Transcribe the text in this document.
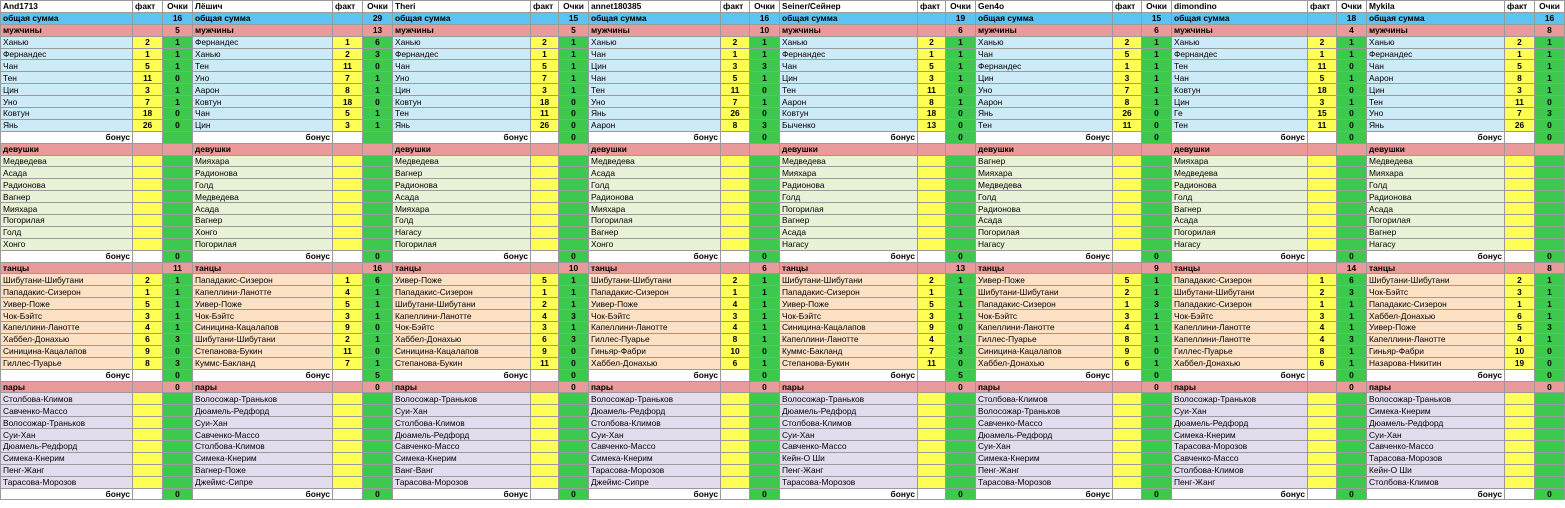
And1713	факт	Очки	Лёшич	факт	Очки	Theri	факт	Очки	annet180385	факт	Очки	Seiner/Сейнер	факт	Очки	Gen4o	факт	Очки	dimondino	факт	Очки	Mykila	факт	Очки
общая сумма		16	общая сумма		29	общая сумма		15	общая сумма		16	общая сумма		19	общая сумма		15	общая сумма		18	общая сумма		16
мужчины		5	мужчины		13	мужчины		5	мужчины		10	мужчины		6	мужчины		6	мужчины		4	мужчины		8
Ханью	2	1	Фернандес	1	6	Ханью	2	1	Ханью	2	1	Ханью	2	1	Ханью	2	1	Ханью	2	1	Ханью	2	1
Фернандес	1	1	Ханью	2	3	Фернандес	1	1	Чан	1	1	Фернандес	1	1	Чан	5	1	Фернандес	1	1	Фернандес	1	1
Чан	5	1	Тен	11	0	Чан	5	1	Цин	3	3	Чан	5	1	Фернандес	1	1	Тен	11	0	Чан	5	1
Тен	11	0	Уно	7	1	Уно	7	1	Чан	5	1	Цин	3	1	Цин	3	1	Чан	5	1	Аарон	8	1
Цин	3	1	Аарон	8	1	Цин	3	1	Тен	11	0	Тен	11	0	Уно	7	1	Ковтун	18	0	Цин	3	1
Уно	7	1	Ковтун	18	0	Ковтун	18	0	Уно	7	1	Аарон	8	1	Аарон	8	1	Цин	3	1	Тен	11	0
Ковтун	18	0	Чан	5	1	Тен	11	0	Янь	26	0	Ковтун	18	0	Янь	26	0	Ге	15	0	Уно	7	3
Янь	26	0	Цин	3	1	Янь	26	0	Аарон	8	3	Быченко	13	0	Тен	11	0	Тен	11	0	Янь	26	0
бонус			бонус			бонус		0	бонус		0	бонус		0	бонус		0	бонус		0	бонус		0
девушки			девушки			девушки			девушки			девушки			девушки			девушки			девушки		
Медведева			Мияхара			Медведева			Медведева			Медведева			Вагнер			Мияхара			Медведева		
Асада			Радионова			Вагнер			Асада			Мияхара			Мияхара			Медведева			Мияхара		
Радионова			Голд			Радионова			Голд			Радионова			Медведева			Радионова			Голд		
Вагнер			Медведева			Асада			Радионова			Голд			Голд			Голд			Радионова		
Мияхара			Асада			Мияхара			Мияхара			Погорилая			Радионова			Вагнер			Асада		
Погорилая			Вагнер			Голд			Погорилая			Вагнер			Асада			Асада			Погорилая		
Голд			Хонго			Нагасу			Вагнер			Асада			Погорилая			Погорилая			Вагнер		
Хонго			Погорилая			Погорилая			Хонго			Нагасу			Нагасу			Нагасу			Нагасу		
бонус		0	бонус		0	бонус		0	бонус		0	бонус		0	бонус		0	бонус		0	бонус		0
танцы		11	танцы		16	танцы		10	танцы		6	танцы		13	танцы		9	танцы		14	танцы		8
Шибутани-Шибутани	2	1	Пападакис-Сизерон	1	6	Уивер-Поже	5	1	Шибутани-Шибутани	2	1	Шибутани-Шибутани	2	1	Уивер-Поже	5	1	Пападакис-Сизерон	1	6	Шибутани-Шибутани	2	1
Пападакис-Сизерон	1	1	Капеллини-Ланотте	4	1	Пападакис-Сизерон	1	1	Пападакис-Сизерон	1	1	Пападакис-Сизерон	1	1	Шибутани-Шибутани	2	1	Шибутани-Шибутани	2	3	Чок-Бэйтс	3	1
Уивер-Поже	5	1	Уивер-Поже	5	1	Шибутани-Шибутани	2	1	Уивер-Поже	4	1	Уивер-Поже	5	1	Пападакис-Сизерон	1	3	Пападакис-Сизерон	1	1	Пападакис-Сизерон	1	1
Чок-Бэйтс	3	1	Чок-Бэйтс	3	1	Капеллини-Ланотте	4	3	Чок-Бэйтс	3	1	Чок-Бэйтс	3	1	Чок-Бэйтс	3	1	Чок-Бэйтс	3	1	Хаббел-Донахью	6	1
Капеллини-Ланотте	4	1	Синицина-Кацалапов	9	0	Чок-Бэйтс	3	1	Капеллини-Ланотте	4	1	Синицина-Кацалапов	9	0	Капеллини-Ланотте	4	1	Капеллини-Ланотте	4	1	Уивер-Поже	5	3
Хаббел-Донахью	6	3	Шибутани-Шибутани	2	1	Хаббел-Донахью	6	3	Гиллес-Пуарье	8	1	Капеллини-Ланотте	4	1	Гиллес-Пуарье	8	1	Капеллини-Ланотте	4	3	Капеллини-Ланотте	4	1
Синицина-Кацалапов	9	0	Степанова-Букин	11	0	Синицина-Кацалапов	9	0	Гиньяр-Фабри	10	0	Куммс-Бакланд	7	3	Синицина-Кацалапов	9	0	Гиллес-Пуарье	8	1	Гиньяр-Фабри	10	0
Гиллес-Пуарье	8	3	Куммс-Бакланд	7	1	Степанова-Букин	11	0	Хаббел-Донахью	6	1	Степанова-Букин	11	0	Хаббел-Донахью	6	1	Хаббел-Донахью	6	1	Назарова-Никитин	19	0
бонус		0	бонус		5	бонус		0	бонус		0	бонус		5	бонус		0	бонус		0	бонус		0
пары		0	пары		0	пары		0	пары		0	пары		0	пары		0	пары		0	пары		0
Столбова-Климов			Волосожар-Траньков			Волосожар-Траньков			Волосожар-Траньков			Волосожар-Траньков			Столбова-Климов			Волосожар-Траньков			Волосожар-Траньков		
Савченко-Массо			Дюамель-Редфорд			Суи-Хан			Дюамель-Редфорд			Дюамель-Редфорд			Волосожар-Траньков			Суи-Хан			Симека-Кнерим		
Волосожар-Траньков			Суи-Хан			Столбова-Климов			Столбова-Климов			Столбова-Климов			Савченко-Массо			Дюамель-Редфорд			Дюамель-Редфорд		
Суи-Хан			Савченко-Массо			Дюамель-Редфорд			Суи-Хан			Суи-Хан			Дюамель-Редфорд			Симека-Кнерим			Суи-Хан		
Дюамель-Редфорд			Столбова-Климов			Савченко-Массо			Савченко-Массо			Савченко-Массо			Суи-Хан			Тарасова-Морозов			Савченко-Массо		
Симека-Кнерим			Симека-Кнерим			Симека-Кнерим			Симека-Кнерим			Кейн-О Ши			Симека-Кнерим			Савченко-Массо			Тарасова-Морозов		
Пенг-Жанг			Вагнер-Поже			Ванг-Ванг			Тарасова-Морозов			Пенг-Жанг			Пенг-Жанг			Столбова-Климов			Кейн-О Ши		
Тарасова-Морозов			Джеймс-Сипре			Тарасова-Морозов			Джеймс-Сипре			Тарасова-Морозов			Тарасова-Морозов			Пенг-Жанг			Столбова-Климов		
бонус		0	бонус		0	бонус		0	бонус		0	бонус		0	бонус		0	бонус		0	бонус		0
